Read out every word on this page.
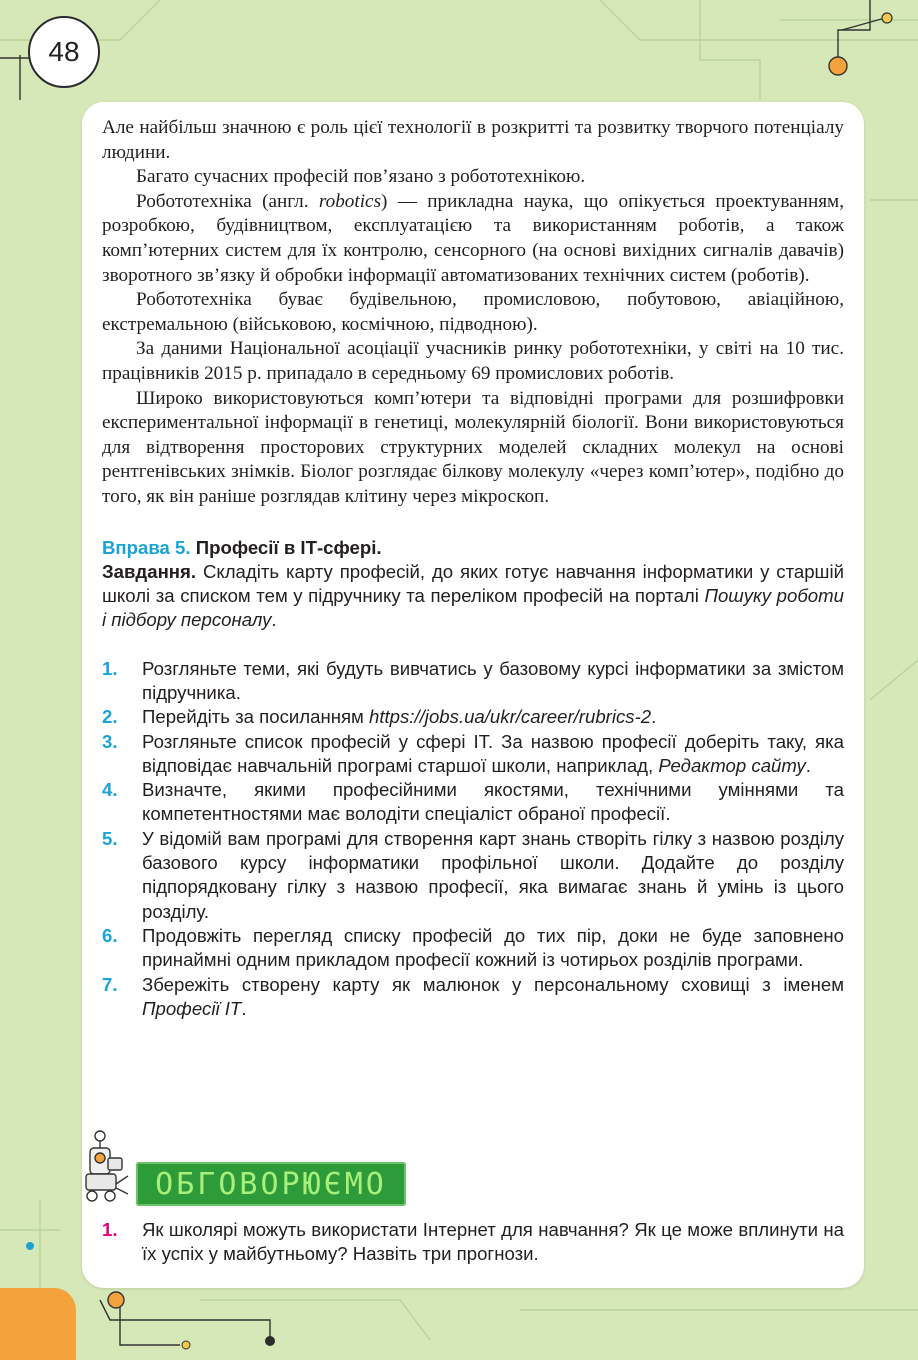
48

Але найбільш значною є роль цієї технології в розкритті та розвитку творчого потенціалу людини.

Багато сучасних професій пов’язано з робототехнікою.

Робототехніка (англ. robotics) — прикладна наука, що опікується проектуванням, розробкою, будівництвом, експлуатацією та використанням роботів, а також комп’ютерних систем для їх контролю, сенсорного (на основі вихідних сигналів давачів) зворотного зв’язку й обробки інформації автоматизованих технічних систем (роботів).

Робототехніка буває будівельною, промисловою, побутовою, авіаційною, екстремальною (військовою, космічною, підводною).

За даними Національної асоціації учасників ринку робототехніки, у світі на 10 тис. працівників 2015 р. припадало в середньому 69 промислових роботів.

Широко використовуються комп’ютери та відповідні програми для розшифровки експериментальної інформації в генетиці, молекулярній біології. Вони використовуються для відтворення просторових структурних моделей складних молекул на основі рентгенівських знімків. Біолог розглядає білкову молекулу «через комп’ютер», подібно до того, як він раніше розглядав клітину через мікроскоп.

Вправа 5. Професії в ІТ-сфері.

Завдання. Складіть карту професій, до яких готує навчання інформатики у старшій школі за списком тем у підручнику та переліком професій на порталі Пошуку роботи і підбору персоналу.

1. Розгляньте теми, які будуть вивчатись у базовому курсі інформатики за змістом підручника.
2. Перейдіть за посиланням https://jobs.ua/ukr/career/rubrics-2.
3. Розгляньте список професій у сфері ІТ. За назвою професії доберіть таку, яка відповідає навчальній програмі старшої школи, наприклад, Редактор сайту.
4. Визначте, якими професійними якостями, технічними уміннями та компетентностями має володіти спеціаліст обраної професії.
5. У відомій вам програмі для створення карт знань створіть гілку з назвою розділу базового курсу інформатики профільної школи. Додайте до розділу підпорядковану гілку з назвою професії, яка вимагає знань й умінь із цього розділу.
6. Продовжіть перегляд списку професій до тих пір, доки не буде заповнено принаймні одним прикладом професії кожний із чотирьох розділів програми.
7. Збережіть створену карту як малюнок у персональному сховищі з іменем Професії IT.
ОБГОВОРЮЄМО
1. Як школярі можуть використати Інтернет для навчання? Як це може вплинути на їх успіх у майбутньому? Назвіть три прогнози.
